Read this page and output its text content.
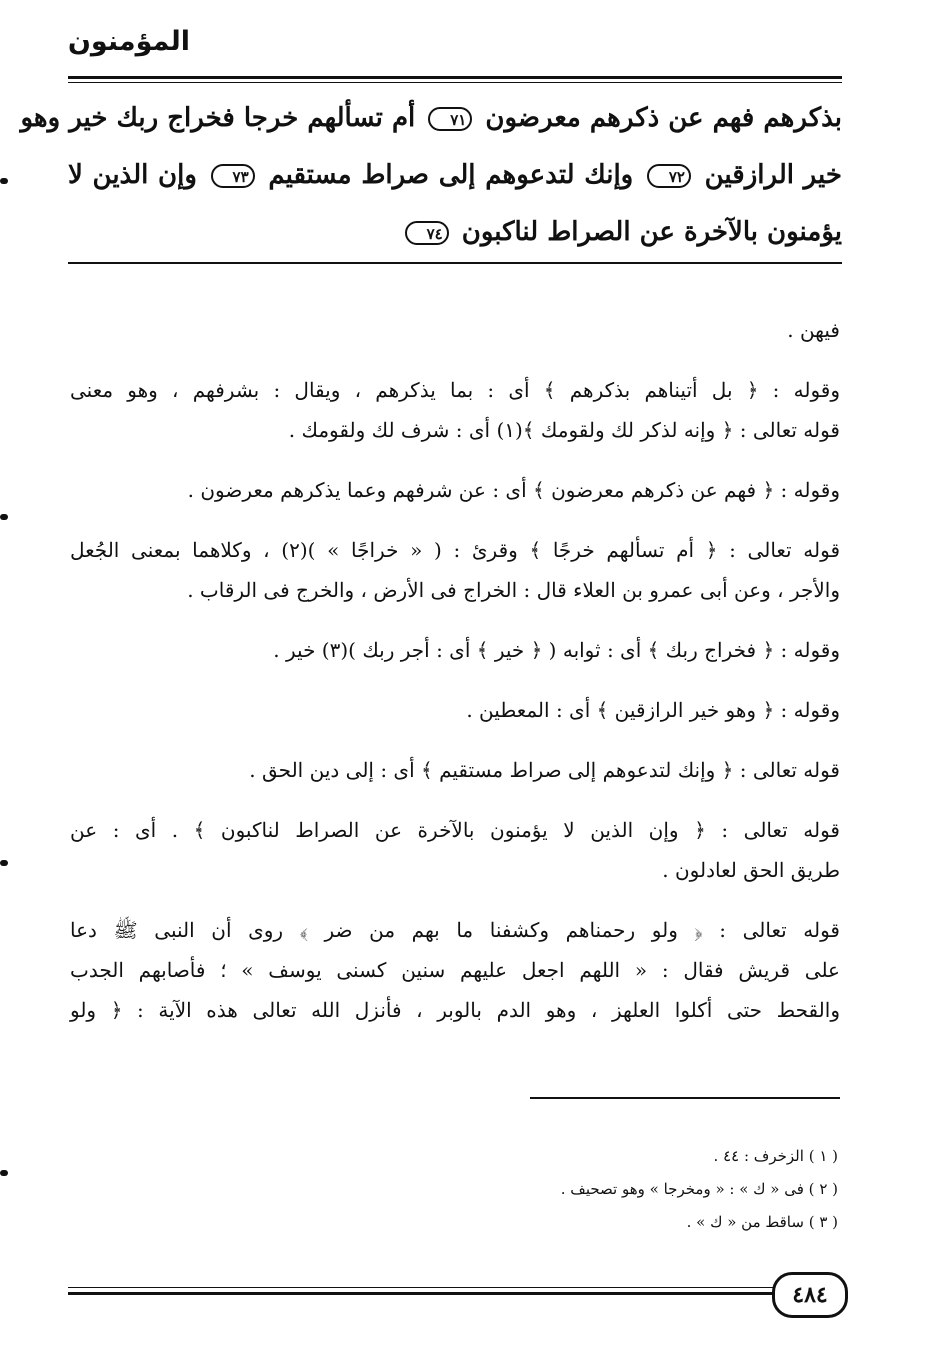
المؤمنون
بذكرهم فهم عن ذكرهم معرضون ٧١ أم تسألهم خرجا فخراج ربك خير وهو
خير الرازقين ٧٢ وإنك لتدعوهم إلى صراط مستقيم ٧٣ وإن الذين لا
يؤمنون بالآخرة عن الصراط لناكبون ٧٤
فيهن .
وقوله : ﴿ بل أتيناهم بذكرهم ﴾ أى : بما يذكرهم ، ويقال : بشرفهم ، وهو معنى
قوله تعالى : ﴿ وإنه لذكر لك ولقومك ﴾(١) أى : شرف لك ولقومك .
وقوله : ﴿ فهم عن ذكرهم معرضون ﴾ أى : عن شرفهم وعما يذكرهم معرضون .
قوله تعالى : ﴿ أم تسألهم خرجًا ﴾ وقرئ : ( « خراجًا » )(٢) ، وكلاهما بمعنى الجُعل
والأجر ، وعن أبى عمرو بن العلاء قال : الخراج فى الأرض ، والخرج فى الرقاب .
وقوله : ﴿ فخراج ربك ﴾ أى : ثوابه ( ﴿ خير ﴾ أى : أجر ربك )(٣) خير .
وقوله : ﴿ وهو خير الرازقين ﴾ أى : المعطين .
قوله تعالى : ﴿ وإنك لتدعوهم إلى صراط مستقيم ﴾ أى : إلى دين الحق .
قوله تعالى : ﴿ وإن الذين لا يؤمنون بالآخرة عن الصراط لناكبون ﴾ . أى : عن
طريق الحق لعادلون .
قوله تعالى : ﴿ ولو رحمناهم وكشفنا ما بهم من ضر ﴾ روى أن النبى ﷺ دعا
على قريش فقال : « اللهم اجعل عليهم سنين كسنى يوسف » ؛ فأصابهم الجدب
والقحط حتى أكلوا العلهز ، وهو الدم بالوبر ، فأنزل الله تعالى هذه الآية : ﴿ ولو
( ١ ) الزخرف : ٤٤ .
( ٢ ) فى « ك » : « ومخرجا » وهو تصحيف .
( ٣ ) ساقط من « ك » .
٤٨٤
